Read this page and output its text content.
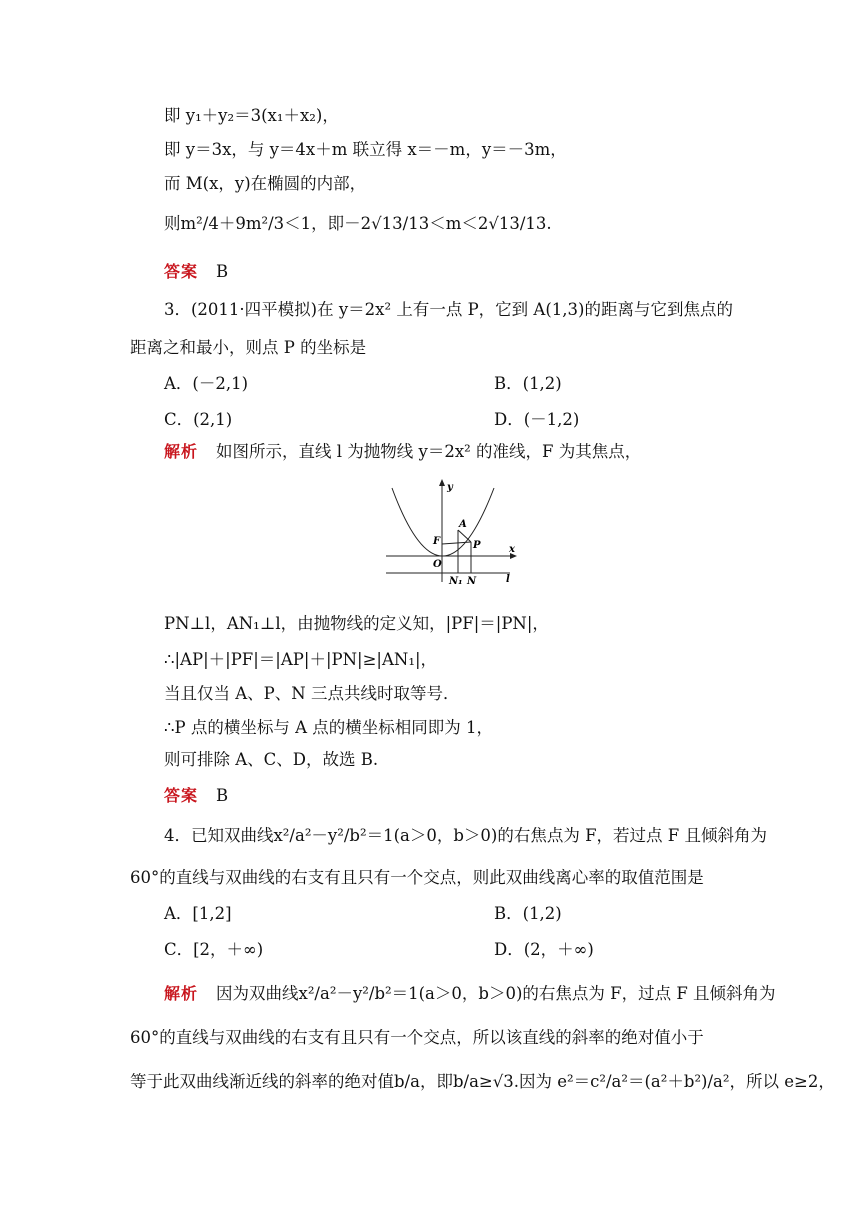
即 y₁＋y₂＝3(x₁＋x₂)，
即 y＝3x，与 y＝4x＋m 联立得 x＝－m，y＝－3m，
而 M(x，y)在椭圆的内部，
则m²/4＋9m²/3＜1，即－2√13/13＜m＜2√13/13.
答案 B
3．(2011·四平模拟)在 y＝2x² 上有一点 P，它到 A(1,3)的距离与它到焦点的
距离之和最小，则点 P 的坐标是
A．(－2,1)	B．(1,2)
C．(2,1)	D．(－1,2)
解析 如图所示，直线 l 为抛物线 y＝2x² 的准线，F 为其焦点，
y
x
A
F	P
O
N₁ N	l
PN⊥l，AN₁⊥l，由抛物线的定义知，|PF|＝|PN|，
∴|AP|＋|PF|＝|AP|＋|PN|≥|AN₁|，
当且仅当 A、P、N 三点共线时取等号．
∴P 点的横坐标与 A 点的横坐标相同即为 1，
则可排除 A、C、D，故选 B.
答案 B
4．已知双曲线x²/a²－y²/b²＝1(a＞0，b＞0)的右焦点为 F，若过点 F 且倾斜角为
60°的直线与双曲线的右支有且只有一个交点，则此双曲线离心率的取值范围是
A．[1,2]	B．(1,2)
C．[2，＋∞)	D．(2，＋∞)
解析 因为双曲线x²/a²－y²/b²＝1(a＞0，b＞0)的右焦点为 F，过点 F 且倾斜角为
60°的直线与双曲线的右支有且只有一个交点，所以该直线的斜率的绝对值小于
等于此双曲线渐近线的斜率的绝对值b/a，即b/a≥√3.因为 e²＝c²/a²＝(a²＋b²)/a²，所以 e≥2，
